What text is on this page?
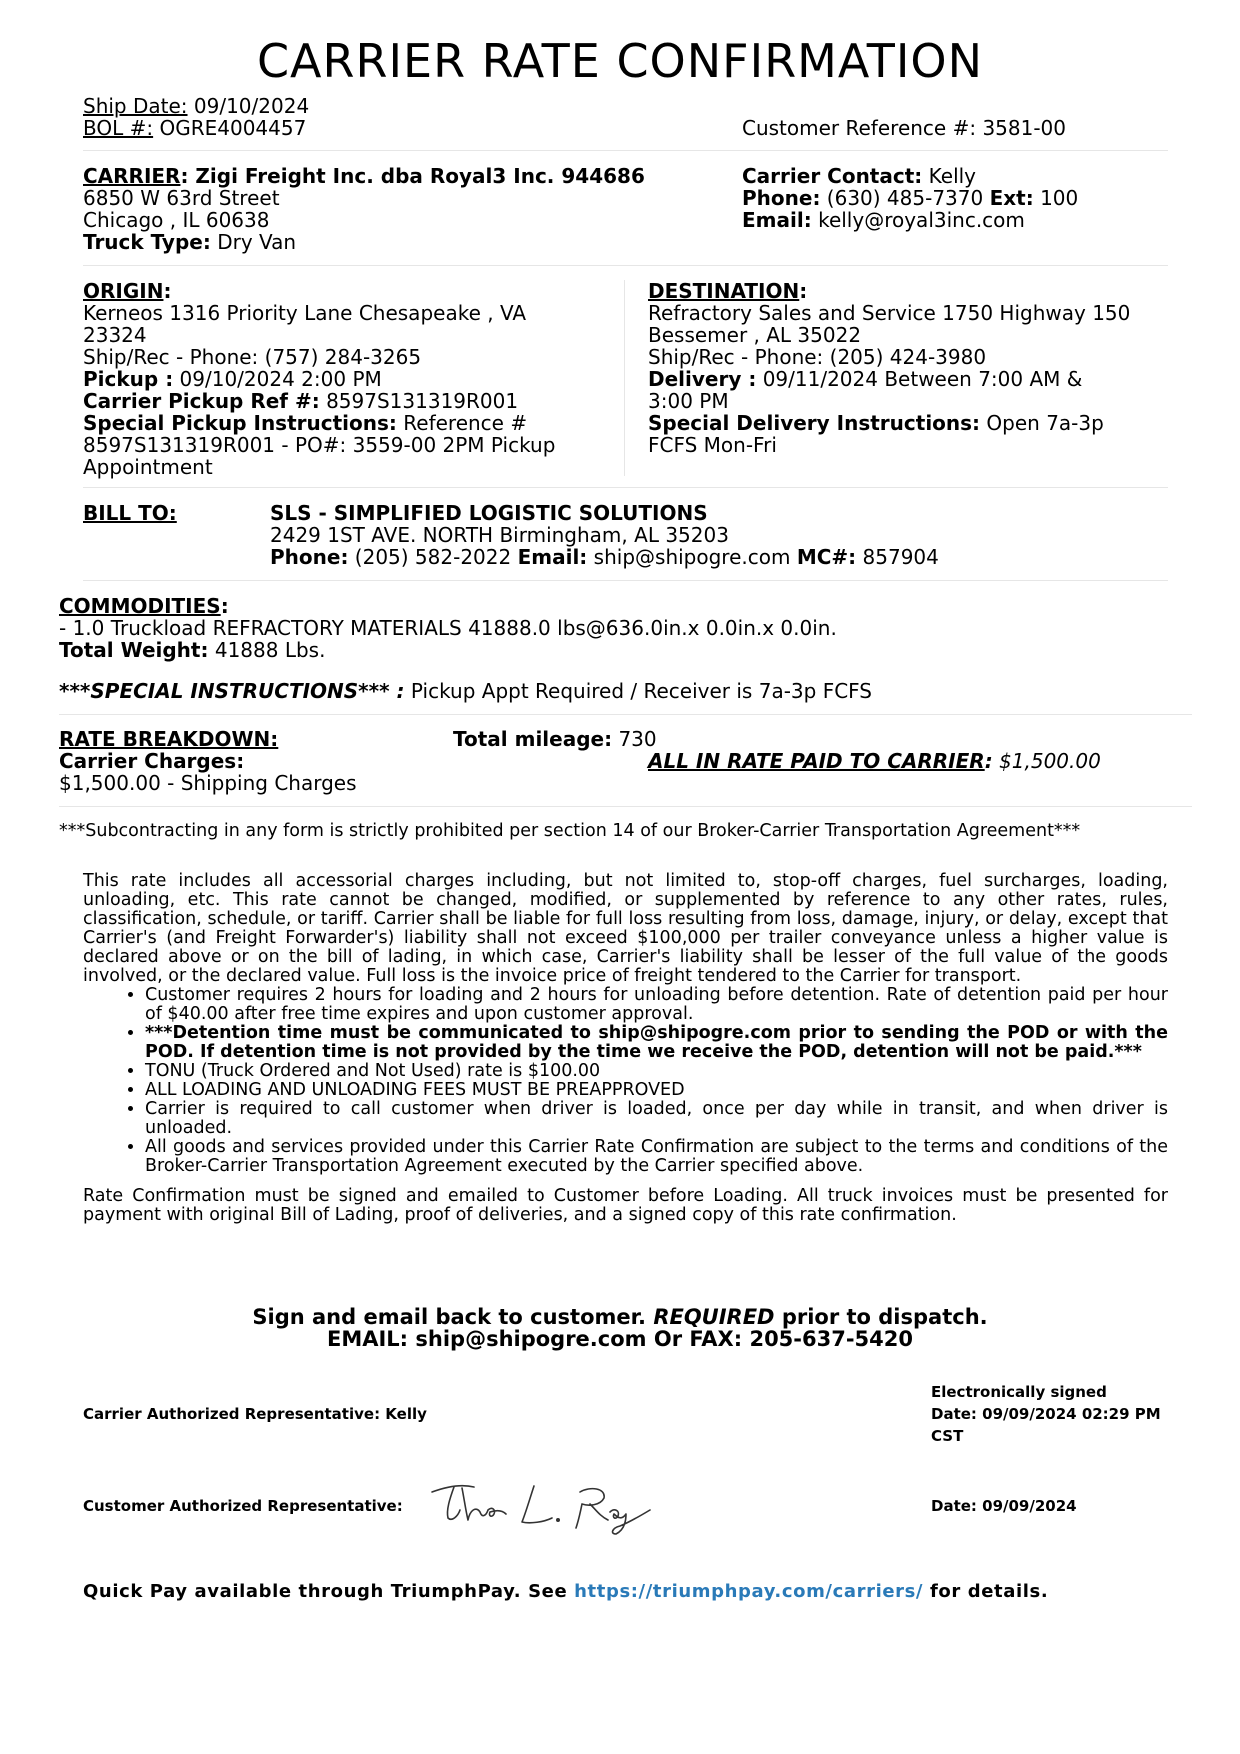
CARRIER RATE CONFIRMATION
Ship Date: 09/10/2024
BOL #: OGRE4004457	Customer Reference #: 3581-00
CARRIER: Zigi Freight Inc. dba Royal3 Inc. 944686
6850 W 63rd Street
Chicago , IL 60638
Truck Type: Dry Van
Carrier Contact: Kelly
Phone: (630) 485-7370 Ext: 100
Email: kelly@royal3inc.com
ORIGIN:
Kerneos 1316 Priority Lane Chesapeake , VA
23324
Ship/Rec - Phone: (757) 284-3265
Pickup : 09/10/2024 2:00 PM
Carrier Pickup Ref #: 8597S131319R001
Special Pickup Instructions: Reference #
8597S131319R001 - PO#: 3559-00 2PM Pickup
Appointment
DESTINATION:
Refractory Sales and Service 1750 Highway 150
Bessemer , AL 35022
Ship/Rec - Phone: (205) 424-3980
Delivery : 09/11/2024 Between 7:00 AM &
3:00 PM
Special Delivery Instructions: Open 7a-3p
FCFS Mon-Fri
BILL TO:	SLS - SIMPLIFIED LOGISTIC SOLUTIONS
2429 1ST AVE. NORTH Birmingham, AL 35203
Phone: (205) 582-2022 Email: ship@shipogre.com MC#: 857904
COMMODITIES:
- 1.0 Truckload REFRACTORY MATERIALS 41888.0 lbs@636.0in.x 0.0in.x 0.0in.
Total Weight: 41888 Lbs.
***SPECIAL INSTRUCTIONS*** : Pickup Appt Required / Receiver is 7a-3p FCFS
RATE BREAKDOWN:
Carrier Charges:
$1,500.00 - Shipping Charges
Total mileage: 730
ALL IN RATE PAID TO CARRIER: $1,500.00
***Subcontracting in any form is strictly prohibited per section 14 of our Broker-Carrier Transportation Agreement***
This rate includes all accessorial charges including, but not limited to, stop-off charges, fuel surcharges, loading, unloading, etc. This rate cannot be changed, modified, or supplemented by reference to any other rates, rules, classification, schedule, or tariff. Carrier shall be liable for full loss resulting from loss, damage, injury, or delay, except that Carrier's (and Freight Forwarder's) liability shall not exceed $100,000 per trailer conveyance unless a higher value is declared above or on the bill of lading, in which case, Carrier's liability shall be lesser of the full value of the goods involved, or the declared value. Full loss is the invoice price of freight tendered to the Carrier for transport.
• Customer requires 2 hours for loading and 2 hours for unloading before detention. Rate of detention paid per hour of $40.00 after free time expires and upon customer approval.
• ***Detention time must be communicated to ship@shipogre.com prior to sending the POD or with the POD. If detention time is not provided by the time we receive the POD, detention will not be paid.***
• TONU (Truck Ordered and Not Used) rate is $100.00
• ALL LOADING AND UNLOADING FEES MUST BE PREAPPROVED
• Carrier is required to call customer when driver is loaded, once per day while in transit, and when driver is unloaded.
• All goods and services provided under this Carrier Rate Confirmation are subject to the terms and conditions of the Broker-Carrier Transportation Agreement executed by the Carrier specified above.
Rate Confirmation must be signed and emailed to Customer before Loading. All truck invoices must be presented for payment with original Bill of Lading, proof of deliveries, and a signed copy of this rate confirmation.
Sign and email back to customer. REQUIRED prior to dispatch.
EMAIL: ship@shipogre.com Or FAX: 205-637-5420
Carrier Authorized Representative: Kelly
Electronically signed
Date: 09/09/2024 02:29 PM
CST
Customer Authorized Representative:	Date: 09/09/2024
Quick Pay available through TriumphPay. See https://triumphpay.com/carriers/ for details.
